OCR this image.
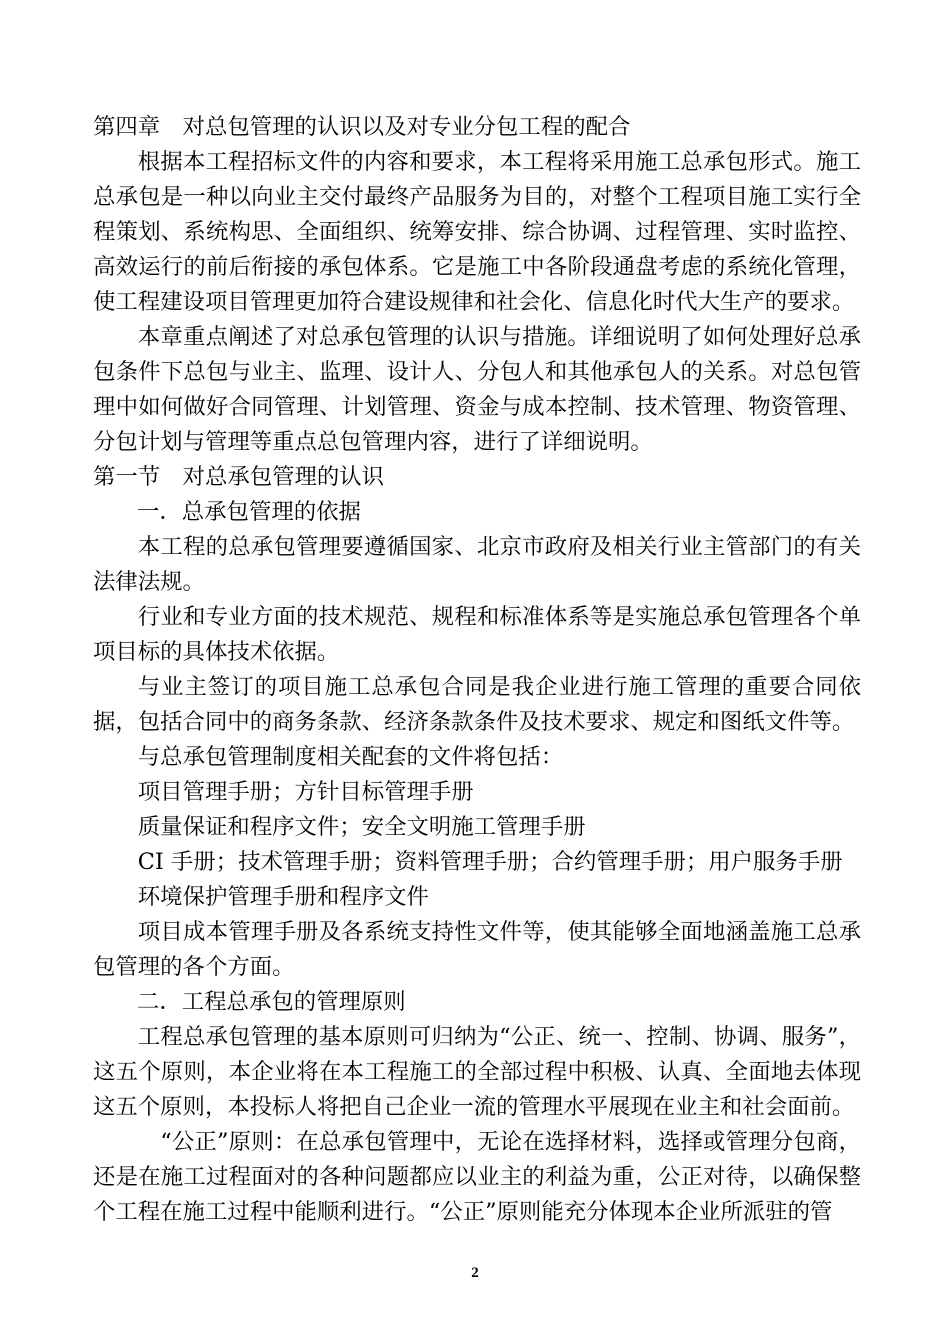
第四章　对总包管理的认识以及对专业分包工程的配合

根据本工程招标文件的内容和要求，本工程将采用施工总承包形式。施工总承包是一种以向业主交付最终产品服务为目的，对整个工程项目施工实行全程策划、系统构思、全面组织、统筹安排、综合协调、过程管理、实时监控、高效运行的前后衔接的承包体系。它是施工中各阶段通盘考虑的系统化管理，使工程建设项目管理更加符合建设规律和社会化、信息化时代大生产的要求。

本章重点阐述了对总承包管理的认识与措施。详细说明了如何处理好总承包条件下总包与业主、监理、设计人、分包人和其他承包人的关系。对总包管理中如何做好合同管理、计划管理、资金与成本控制、技术管理、物资管理、分包计划与管理等重点总包管理内容，进行了详细说明。

第一节　对总承包管理的认识

一．总承包管理的依据

本工程的总承包管理要遵循国家、北京市政府及相关行业主管部门的有关法律法规。

行业和专业方面的技术规范、规程和标准体系等是实施总承包管理各个单项目标的具体技术依据。

与业主签订的项目施工总承包合同是我企业进行施工管理的重要合同依据，包括合同中的商务条款、经济条款条件及技术要求、规定和图纸文件等。

与总承包管理制度相关配套的文件将包括：

项目管理手册；方针目标管理手册

质量保证和程序文件；安全文明施工管理手册

CI 手册；技术管理手册；资料管理手册；合约管理手册；用户服务手册

环境保护管理手册和程序文件

项目成本管理手册及各系统支持性文件等，使其能够全面地涵盖施工总承包管理的各个方面。

二．工程总承包的管理原则

工程总承包管理的基本原则可归纳为“公正、统一、控制、协调、服务”，这五个原则，本企业将在本工程施工的全部过程中积极、认真、全面地去体现这五个原则，本投标人将把自己企业一流的管理水平展现在业主和社会面前。

“公正”原则：在总承包管理中，无论在选择材料，选择或管理分包商，还是在施工过程面对的各种问题都应以业主的利益为重，公正对待，以确保整个工程在施工过程中能顺利进行。“公正”原则能充分体现本企业所派驻的管

2
